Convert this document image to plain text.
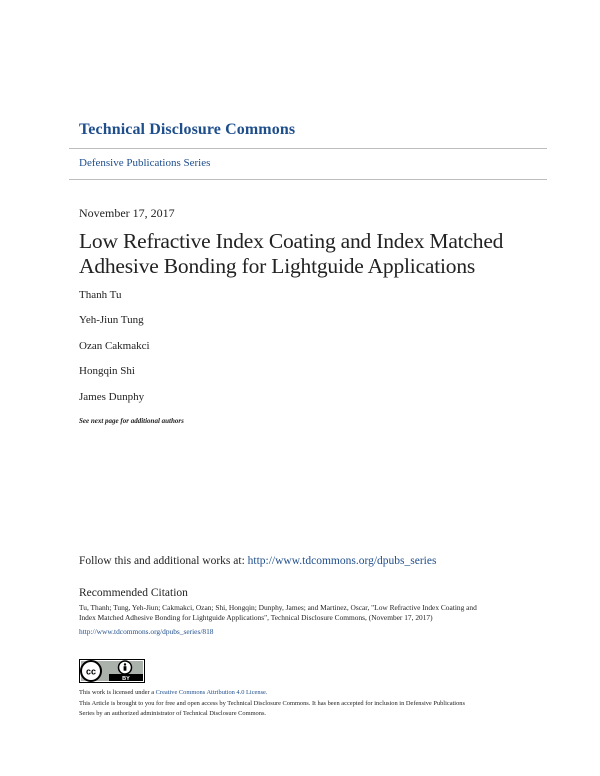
Technical Disclosure Commons
Defensive Publications Series
November 17, 2017
Low Refractive Index Coating and Index Matched
Adhesive Bonding for Lightguide Applications
Thanh Tu
Yeh-Jiun Tung
Ozan Cakmakci
Hongqin Shi
James Dunphy
See next page for additional authors
Follow this and additional works at: http://www.tdcommons.org/dpubs_series
Recommended Citation
Tu, Thanh; Tung, Yeh-Jiun; Cakmakci, Ozan; Shi, Hongqin; Dunphy, James; and Martinez, Oscar, "Low Refractive Index Coating and
Index Matched Adhesive Bonding for Lightguide Applications", Technical Disclosure Commons, (November 17, 2017)
http://www.tdcommons.org/dpubs_series/818
cc
BY
This work is licensed under a Creative Commons Attribution 4.0 License.
This Article is brought to you for free and open access by Technical Disclosure Commons. It has been accepted for inclusion in Defensive Publications
Series by an authorized administrator of Technical Disclosure Commons.
